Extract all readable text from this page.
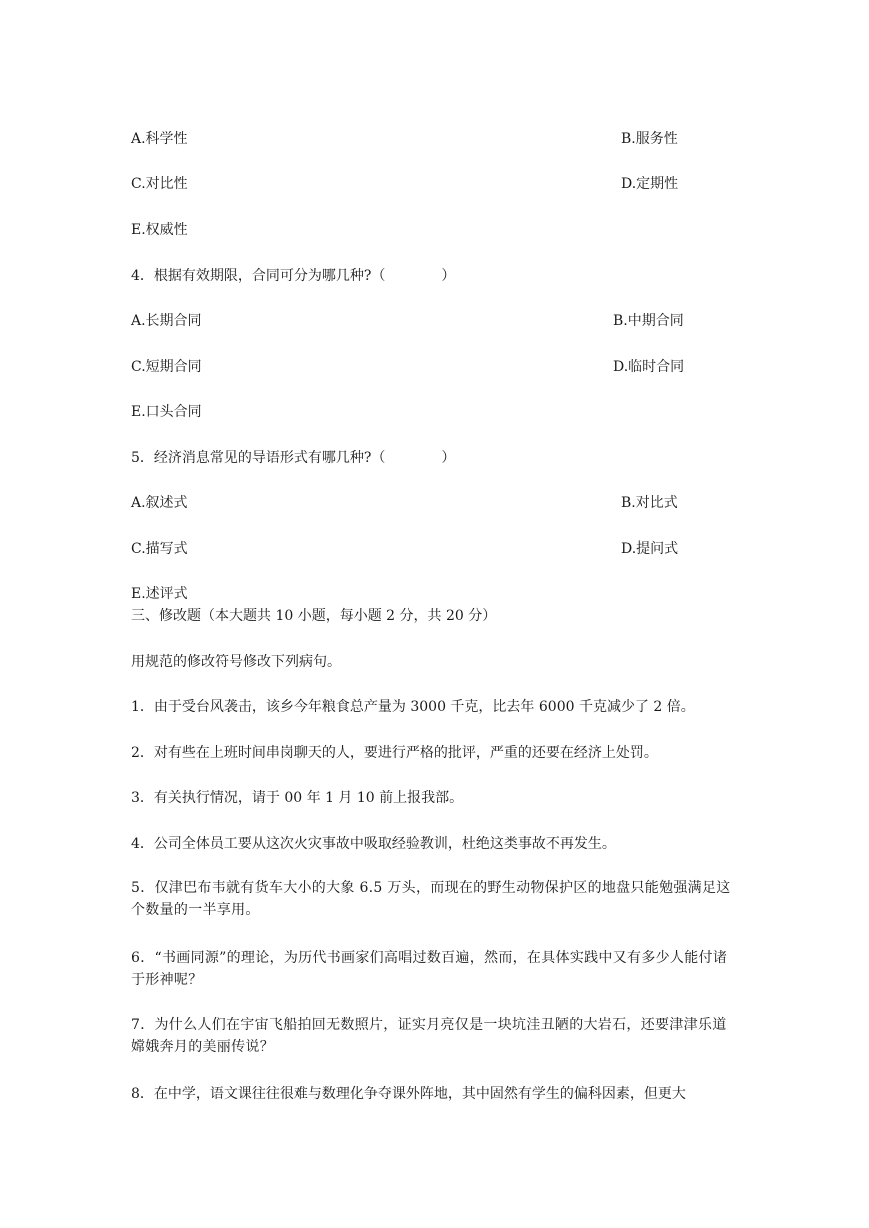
A.科学性	B.服务性
C.对比性	D.定期性
E.权威性
4．根据有效期限，合同可分为哪几种?（　　　　）
A.长期合同	B.中期合同
C.短期合同	D.临时合同
E.口头合同
5．经济消息常见的导语形式有哪几种?（　　　　）
A.叙述式	B.对比式
C.描写式	D.提问式
E.述评式
三、修改题（本大题共 10 小题，每小题 2 分，共 20 分）
用规范的修改符号修改下列病句。
1．由于受台风袭击，该乡今年粮食总产量为 3000 千克，比去年 6000 千克减少了 2 倍。
2．对有些在上班时间串岗聊天的人，要进行严格的批评，严重的还要在经济上处罚。
3．有关执行情况，请于 00 年 1 月 10 前上报我部。
4．公司全体员工要从这次火灾事故中吸取经验教训，杜绝这类事故不再发生。
5．仅津巴布韦就有货车大小的大象 6.5 万头，而现在的野生动物保护区的地盘只能勉强满足这个数量的一半享用。
6．“书画同源”的理论，为历代书画家们高唱过数百遍，然而，在具体实践中又有多少人能付诸于形神呢？
7．为什么人们在宇宙飞船拍回无数照片，证实月亮仅是一块坑洼丑陋的大岩石，还要津津乐道嫦娥奔月的美丽传说？
8．在中学，语文课往往很难与数理化争夺课外阵地，其中固然有学生的偏科因素，但更大
